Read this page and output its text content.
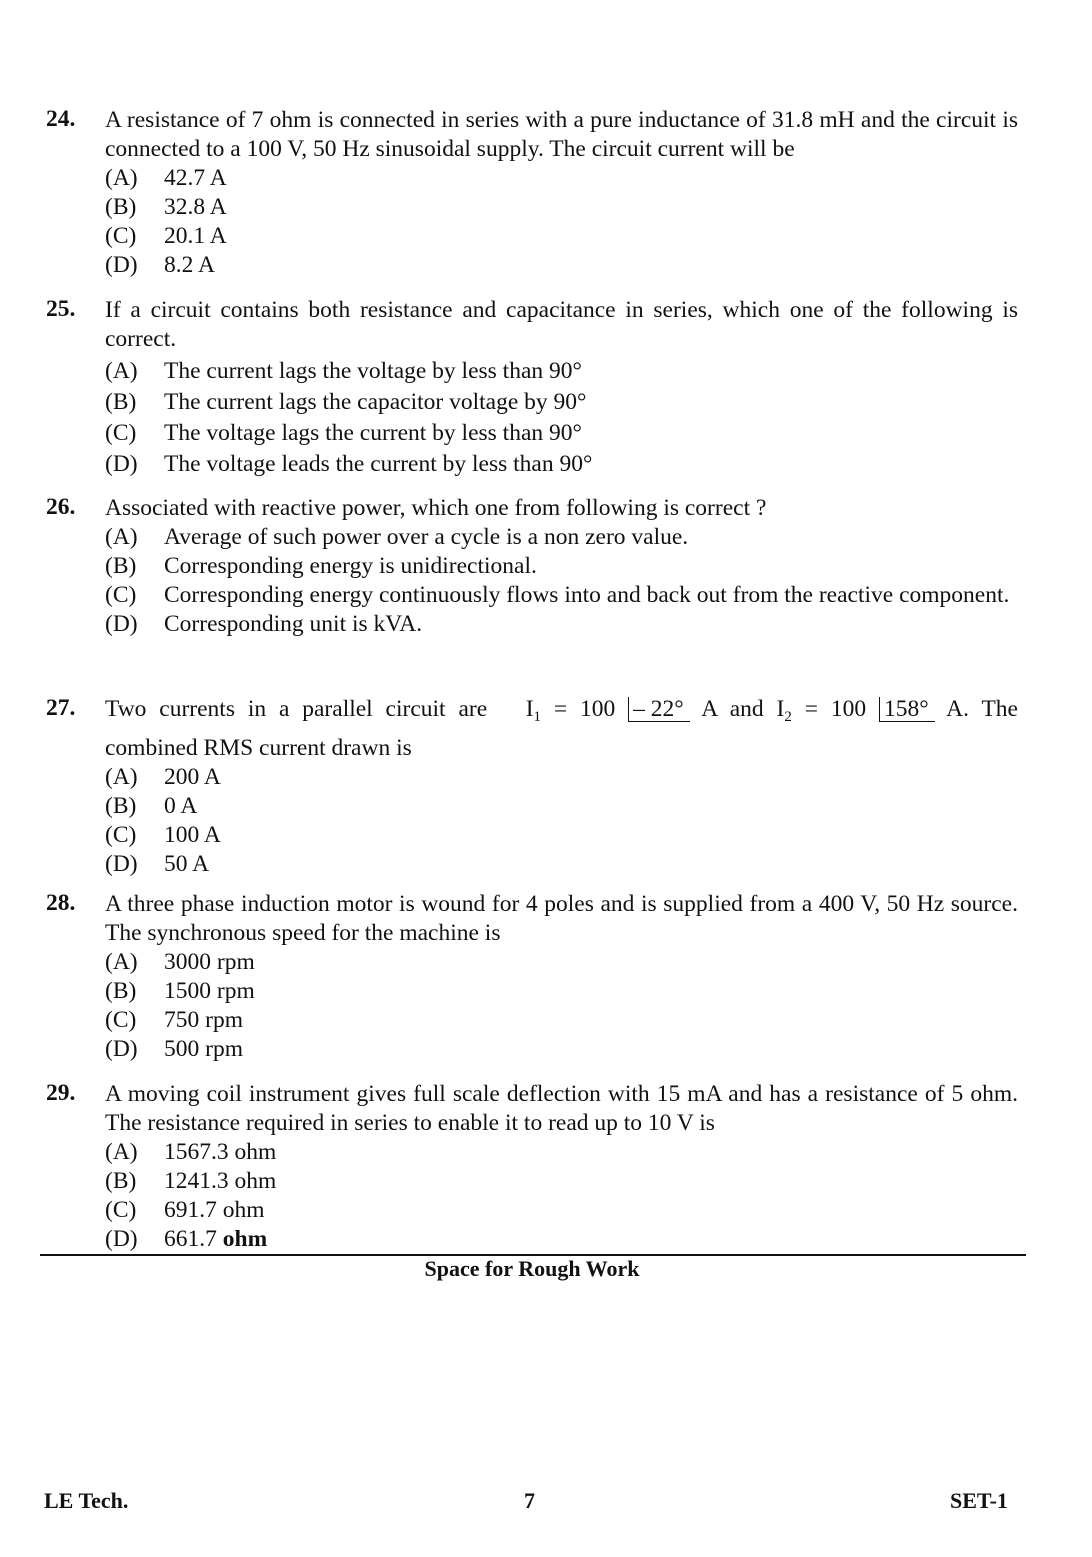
24. A resistance of 7 ohm is connected in series with a pure inductance of 31.8 mH and the circuit is connected to a 100 V, 50 Hz sinusoidal supply. The circuit current will be
(A)	42.7 A
(B)	32.8 A
(C)	20.1 A
(D)	8.2 A
25. If a circuit contains both resistance and capacitance in series, which one of the following is correct.
(A)	The current lags the voltage by less than 90°
(B)	The current lags the capacitor voltage by 90°
(C)	The voltage lags the current by less than 90°
(D)	The voltage leads the current by less than 90°
26. Associated with reactive power, which one from following is correct ?
(A)	Average of such power over a cycle is a non zero value.
(B)	Corresponding energy is unidirectional.
(C)	Corresponding energy continuously flows into and back out from the reactive component.
(D)	Corresponding unit is kVA.
27. Two currents in a parallel circuit are $I_1 = 100 - 22^\circ$ A and $I_2 = 100$ 158° A. The
combined RMS current drawn is
(A)	200 A
(B)	0 A
(C)	100 A
(D)	50 A
28. A three phase induction motor is wound for 4 poles and is supplied from a 400 V, 50 Hz source. The synchronous speed for the machine is
(A)	3000 rpm
(B)	1500 rpm
(C)	750 rpm
(D)	500 rpm
29. A moving coil instrument gives full scale deflection with 15 mA and has a resistance of 5 ohm. The resistance required in series to enable it to read up to 10 V is
(A)	1567.3 ohm
(B)	1241.3 ohm
(C)	691.7 ohm
(D)	661.7 ohm
Space for Rough Work
LE Tech.	7	SET-1
